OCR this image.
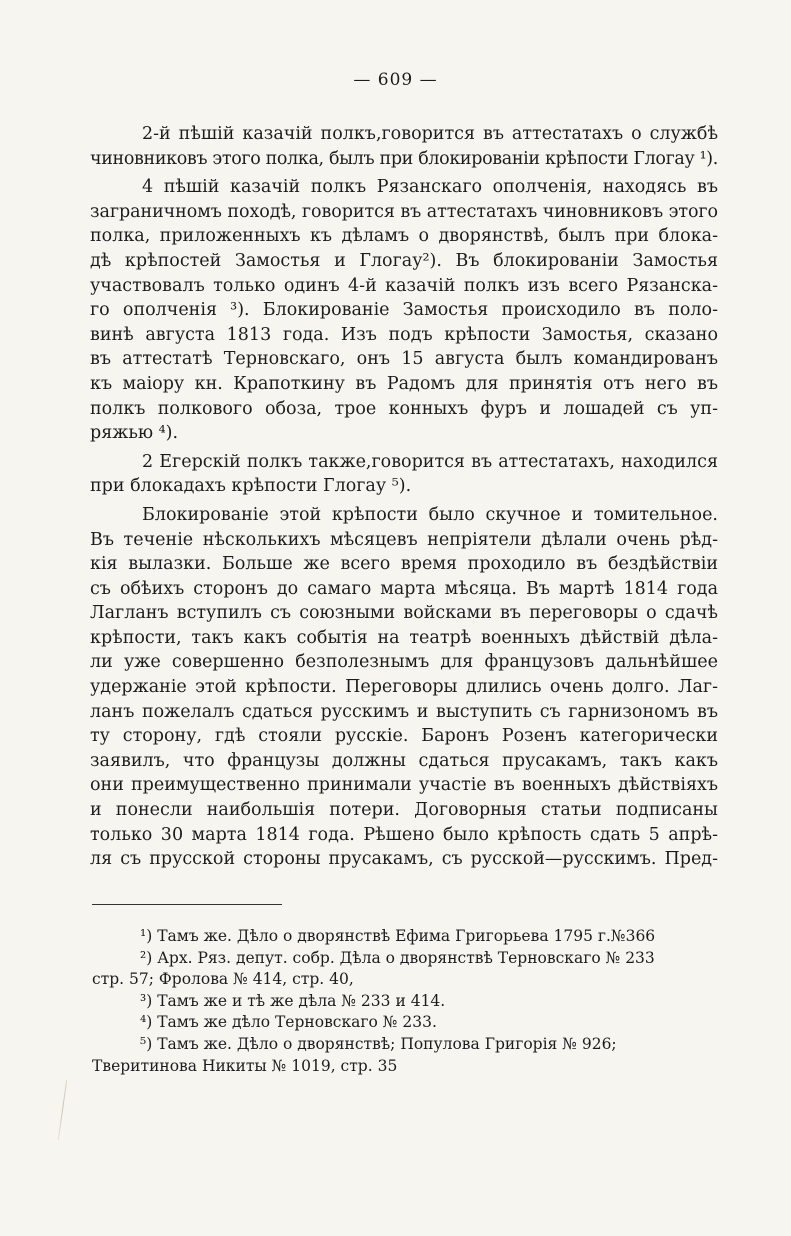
— 609 —

2-й пѣшiй казачiй полкъ,говорится въ аттестатахъ о службѣ
чиновниковъ этого полка, былъ при блокированiи крѣпости Глогау ¹).

4 пѣшiй казачiй полкъ Рязанскаго ополченiя, находясь въ
заграничномъ походѣ, говорится въ аттестатахъ чиновниковъ этого
полка, приложенныхъ къ дѣламъ о дворянствѣ, былъ при блока-
дѣ крѣпостей Замостья и Глогау²). Въ блокированiи Замостья
участвовалъ только одинъ 4-й казачiй полкъ изъ всего Рязанска-
го ополченiя ³). Блокированiе Замостья происходило въ поло-
винѣ августа 1813 года. Изъ подъ крѣпости Замостья, сказано
въ аттестатѣ Терновскаго, онъ 15 августа былъ командированъ
къ маiору кн. Крапоткину въ Радомъ для принятiя отъ него въ
полкъ полкового обоза, трое конныхъ фуръ и лошадей съ уп-
ряжью ⁴).

2 Егерскiй полкъ также,говорится въ аттестатахъ, находился
при блокадахъ крѣпости Глогау ⁵).

Блокированiе этой крѣпости было скучное и томительное.
Въ теченiе нѣсколькихъ мѣсяцевъ непрiятели дѣлали очень рѣд-
кiя вылазки. Больше же всего время проходило въ бездѣйствiи
съ обѣихъ сторонъ до самаго марта мѣсяца. Въ мартѣ 1814 года
Лагланъ вступилъ съ союзными войсками въ переговоры о сдачѣ
крѣпости, такъ какъ событiя на театрѣ военныхъ дѣйствiй дѣла-
ли уже совершенно безполезнымъ для французовъ дальнѣйшее
удержанiе этой крѣпости. Переговоры длились очень долго. Лаг-
ланъ пожелалъ сдаться русскимъ и выступить съ гарнизономъ въ
ту сторону, гдѣ стояли русскiе. Баронъ Розенъ категорически
заявилъ, что французы должны сдаться прусакамъ, такъ какъ
они преимущественно принимали участiе въ военныхъ дѣйствiяхъ
и понесли наибольшiя потери. Договорныя статьи подписаны
только 30 марта 1814 года. Рѣшено было крѣпость сдать 5 апрѣ-
ля съ прусской стороны прусакамъ, съ русской—русскимъ. Пред-

¹) Тамъ же. Дѣло о дворянствѣ Ефима Григорьева 1795 г.№366
²) Арх. Ряз. депут. собр. Дѣла о дворянствѣ Терновскаго № 233
стр. 57; Фролова № 414, стр. 40,
³) Тамъ же и тѣ же дѣла № 233 и 414.
⁴) Тамъ же дѣло Терновскаго № 233.
⁵) Тамъ же. Дѣло о дворянствѣ; Популова Григорiя № 926;
Тверитинова Никиты № 1019, стр. 35
